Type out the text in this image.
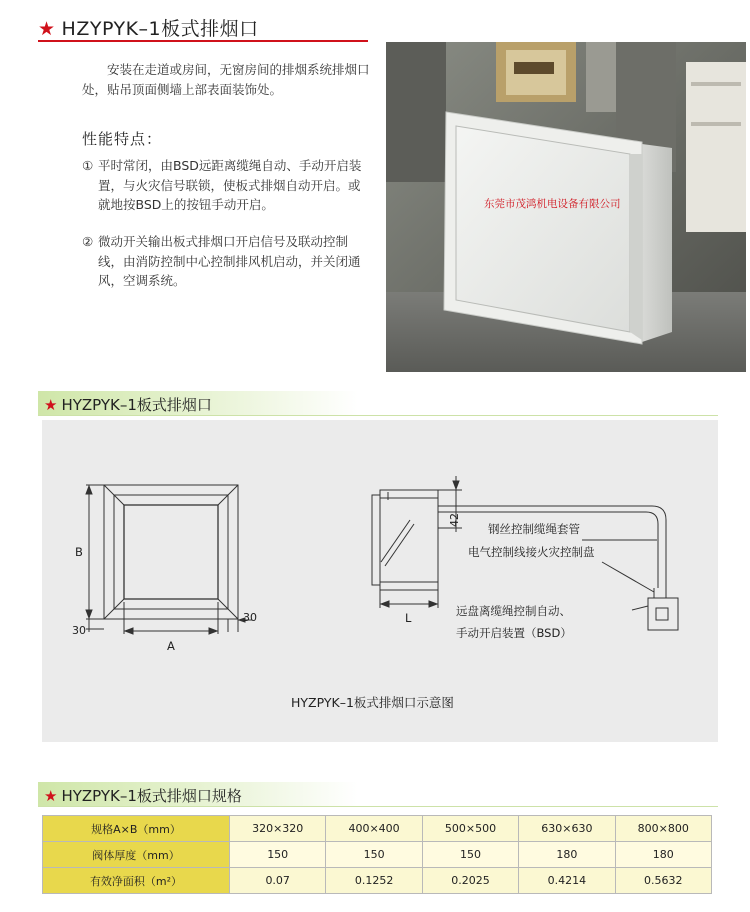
★ HZYPYK–1板式排烟口
安装在走道或房间，无窗房间的排烟系统排烟口处，贴吊顶面侧墙上部表面装饰处。
性能特点：
① 平时常闭，由BSD远距离缆绳自动、手动开启装置，与火灾信号联锁，使板式排烟自动开启。或就地按BSD上的按钮手动开启。
② 微动开关输出板式排烟口开启信号及联动控制线，由消防控制中心控制排风机启动，并关闭通风，空调系统。
东莞市茂鸿机电设备有限公司
★ HYZPYK–1板式排烟口
B
A
30
30
42
L
钢丝控制缆绳套管
电气控制线接火灾控制盘
远盘离缆绳控制自动、
手动开启装置（BSD）
HYZPYK–1板式排烟口示意图
★ HYZPYK–1板式排烟口规格
规格A×B（mm）	320×320	400×400	500×500	630×630	800×800
阀体厚度（mm）	150	150	150	180	180
有效净面积（m²）	0.07	0.1252	0.2025	0.4214	0.5632
